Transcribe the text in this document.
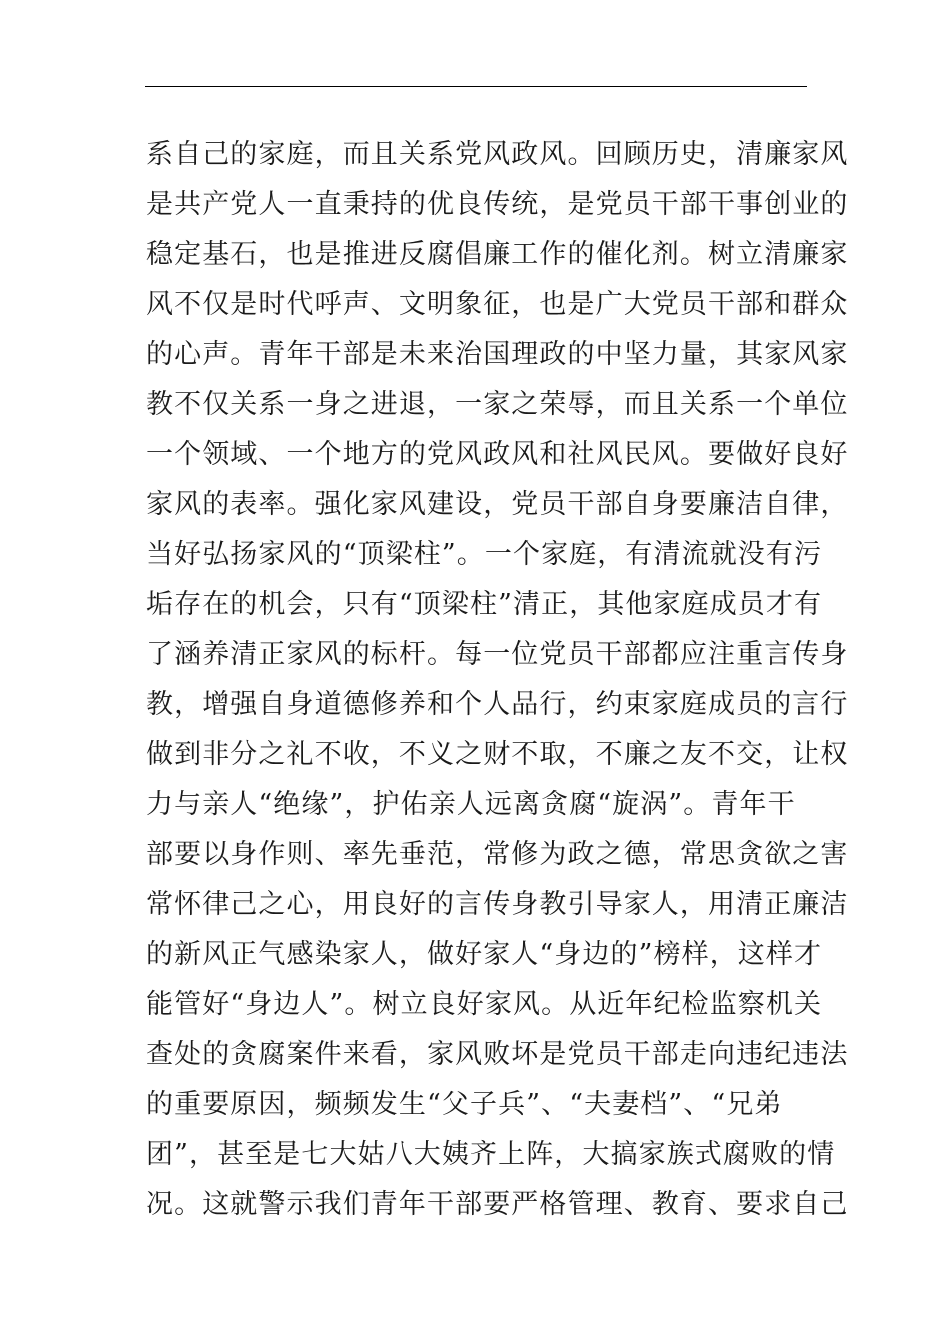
系自己的家庭，而且关系党风政风。回顾历史，清廉家风
是共产党人一直秉持的优良传统，是党员干部干事创业的
稳定基石，也是推进反腐倡廉工作的催化剂。树立清廉家
风不仅是时代呼声、文明象征，也是广大党员干部和群众
的心声。青年干部是未来治国理政的中坚力量，其家风家
教不仅关系一身之进退，一家之荣辱，而且关系一个单位
一个领域、一个地方的党风政风和社风民风。要做好良好
家风的表率。强化家风建设，党员干部自身要廉洁自律，
当好弘扬家风的“顶梁柱”。一个家庭，有清流就没有污
垢存在的机会，只有“顶梁柱”清正，其他家庭成员才有
了涵养清正家风的标杆。每一位党员干部都应注重言传身
教，增强自身道德修养和个人品行，约束家庭成员的言行
做到非分之礼不收，不义之财不取，不廉之友不交，让权
力与亲人“绝缘”，护佑亲人远离贪腐“旋涡”。青年干
部要以身作则、率先垂范，常修为政之德，常思贪欲之害
常怀律己之心，用良好的言传身教引导家人，用清正廉洁
的新风正气感染家人，做好家人“身边的”榜样，这样才
能管好“身边人”。树立良好家风。从近年纪检监察机关
查处的贪腐案件来看，家风败坏是党员干部走向违纪违法
的重要原因，频频发生“父子兵”、“夫妻档”、“兄弟
团”，甚至是七大姑八大姨齐上阵，大搞家族式腐败的情
况。这就警示我们青年干部要严格管理、教育、要求自己
